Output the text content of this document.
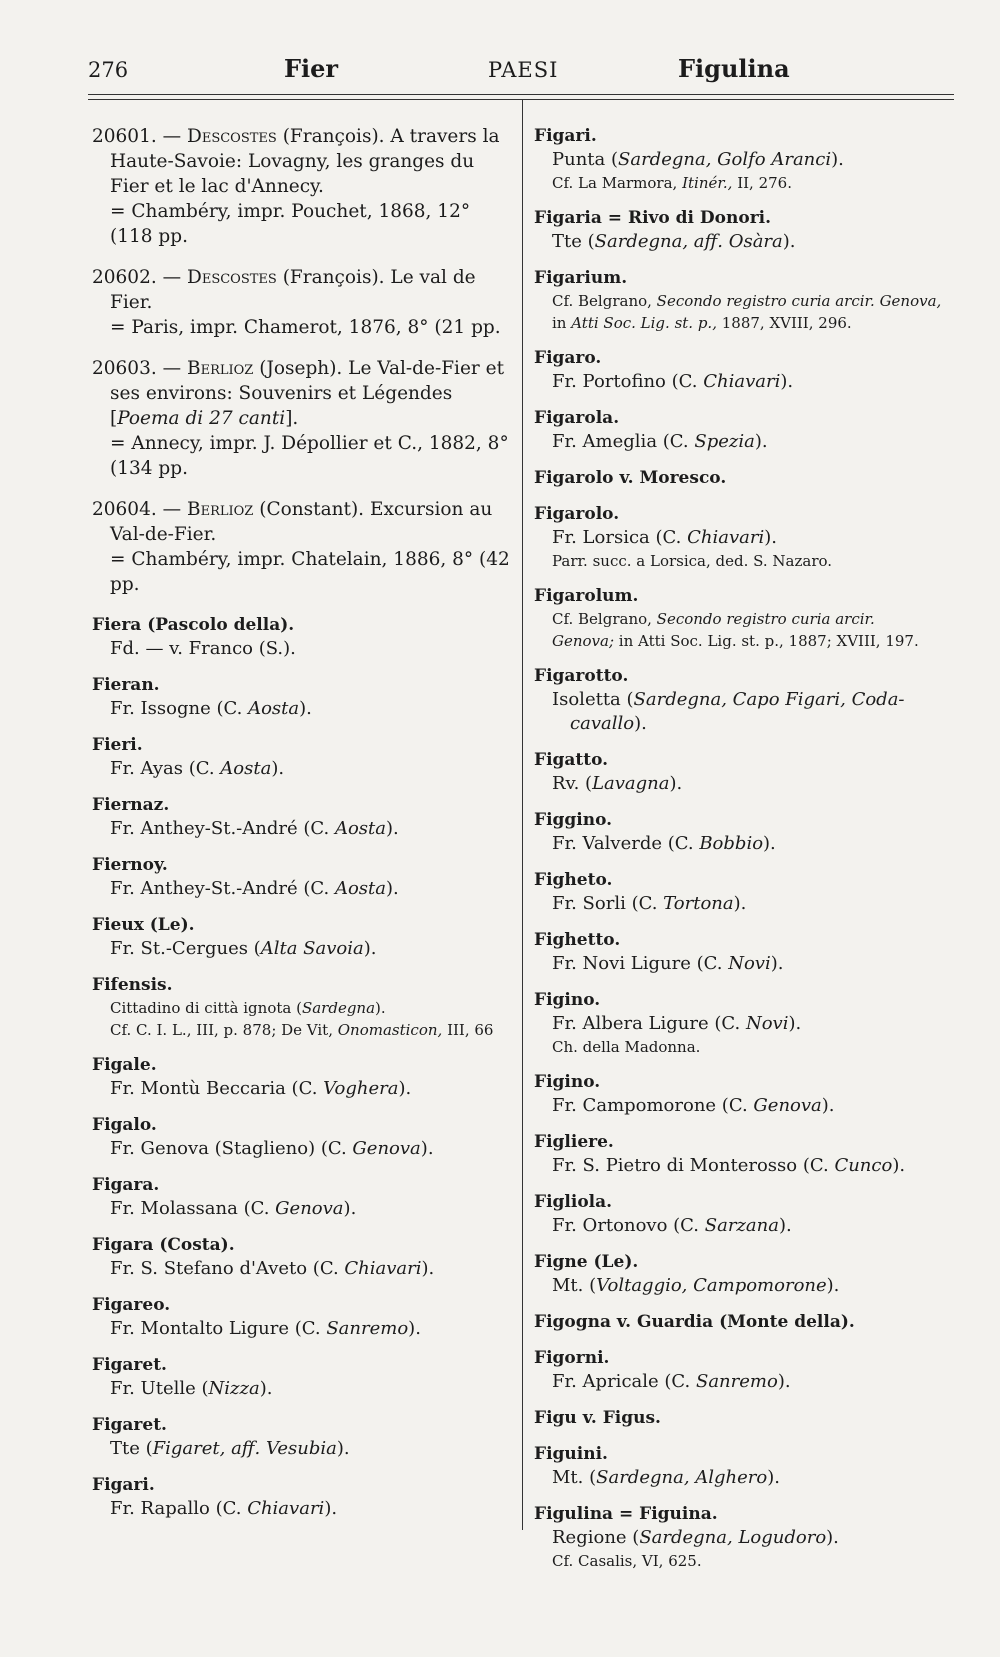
276	Fier	PAESI	Figulina

20601. — Descostes (François). A travers la Haute-Savoie: Lovagny, les granges du Fier et le lac d'Annecy.
= Chambéry, impr. Pouchet, 1868, 12° (118 pp.

20602. — Descostes (François). Le val de Fier.
= Paris, impr. Chamerot, 1876, 8° (21 pp.

20603. — Berlioz (Joseph). Le Val-de-Fier et ses environs: Souvenirs et Légendes [Poema di 27 canti].
= Annecy, impr. J. Dépollier et C., 1882, 8° (134 pp.

20604. — Berlioz (Constant). Excursion au Val-de-Fier.
= Chambéry, impr. Chatelain, 1886, 8° (42 pp.

Fiera (Pascolo della).
Fd. — v. Franco (S.).
Fieran.
Fr. Issogne (C. Aosta).
Fieri.
Fr. Ayas (C. Aosta).
Fiernaz.
Fr. Anthey-St.-André (C. Aosta).
Fiernoy.
Fr. Anthey-St.-André (C. Aosta).
Fieux (Le).
Fr. St.-Cergues (Alta Savoia).
Fifensis.
Cittadino di città ignota (Sardegna).
Cf. C. I. L., III, p. 878; De Vit, Onomasticon, III, 66
Figale.
Fr. Montù Beccaria (C. Voghera).
Figalo.
Fr. Genova (Staglieno) (C. Genova).
Figara.
Fr. Molassana (C. Genova).
Figara (Costa).
Fr. S. Stefano d'Aveto (C. Chiavari).
Figareo.
Fr. Montalto Ligure (C. Sanremo).
Figaret.
Fr. Utelle (Nizza).
Figaret.
Tte (Figaret, aff. Vesubia).
Figari.
Fr. Rapallo (C. Chiavari).
Figari.
Punta (Sardegna, Golfo Aranci).
Cf. La Marmora, Itinér., II, 276.
Figaria = Rivo di Donori.
Tte (Sardegna, aff. Osàra).
Figarium.
Cf. Belgrano, Secondo registro curia arcir. Genova,
in Atti Soc. Lig. st. p., 1887, XVIII, 296.
Figaro.
Fr. Portofino (C. Chiavari).
Figarola.
Fr. Ameglia (C. Spezia).
Figarolo v. Moresco.
Figarolo.
Fr. Lorsica (C. Chiavari).
Parr. succ. a Lorsica, ded. S. Nazaro.
Figarolum.
Cf. Belgrano, Secondo registro curia arcir.
Genova; in Atti Soc. Lig. st. p., 1887; XVIII, 197.
Figarotto.
Isoletta (Sardegna, Capo Figari, Coda-
cavallo).
Figatto.
Rv. (Lavagna).
Figgino.
Fr. Valverde (C. Bobbio).
Figheto.
Fr. Sorli (C. Tortona).
Fighetto.
Fr. Novi Ligure (C. Novi).
Figino.
Fr. Albera Ligure (C. Novi).
Ch. della Madonna.
Figino.
Fr. Campomorone (C. Genova).
Figliere.
Fr. S. Pietro di Monterosso (C. Cunco).
Figliola.
Fr. Ortonovo (C. Sarzana).
Figne (Le).
Mt. (Voltaggio, Campomorone).
Figogna v. Guardia (Monte della).
Figorni.
Fr. Apricale (C. Sanremo).
Figu v. Figus.
Figuini.
Mt. (Sardegna, Alghero).
Figulina = Figuina.
Regione (Sardegna, Logudoro).
Cf. Casalis, VI, 625.
